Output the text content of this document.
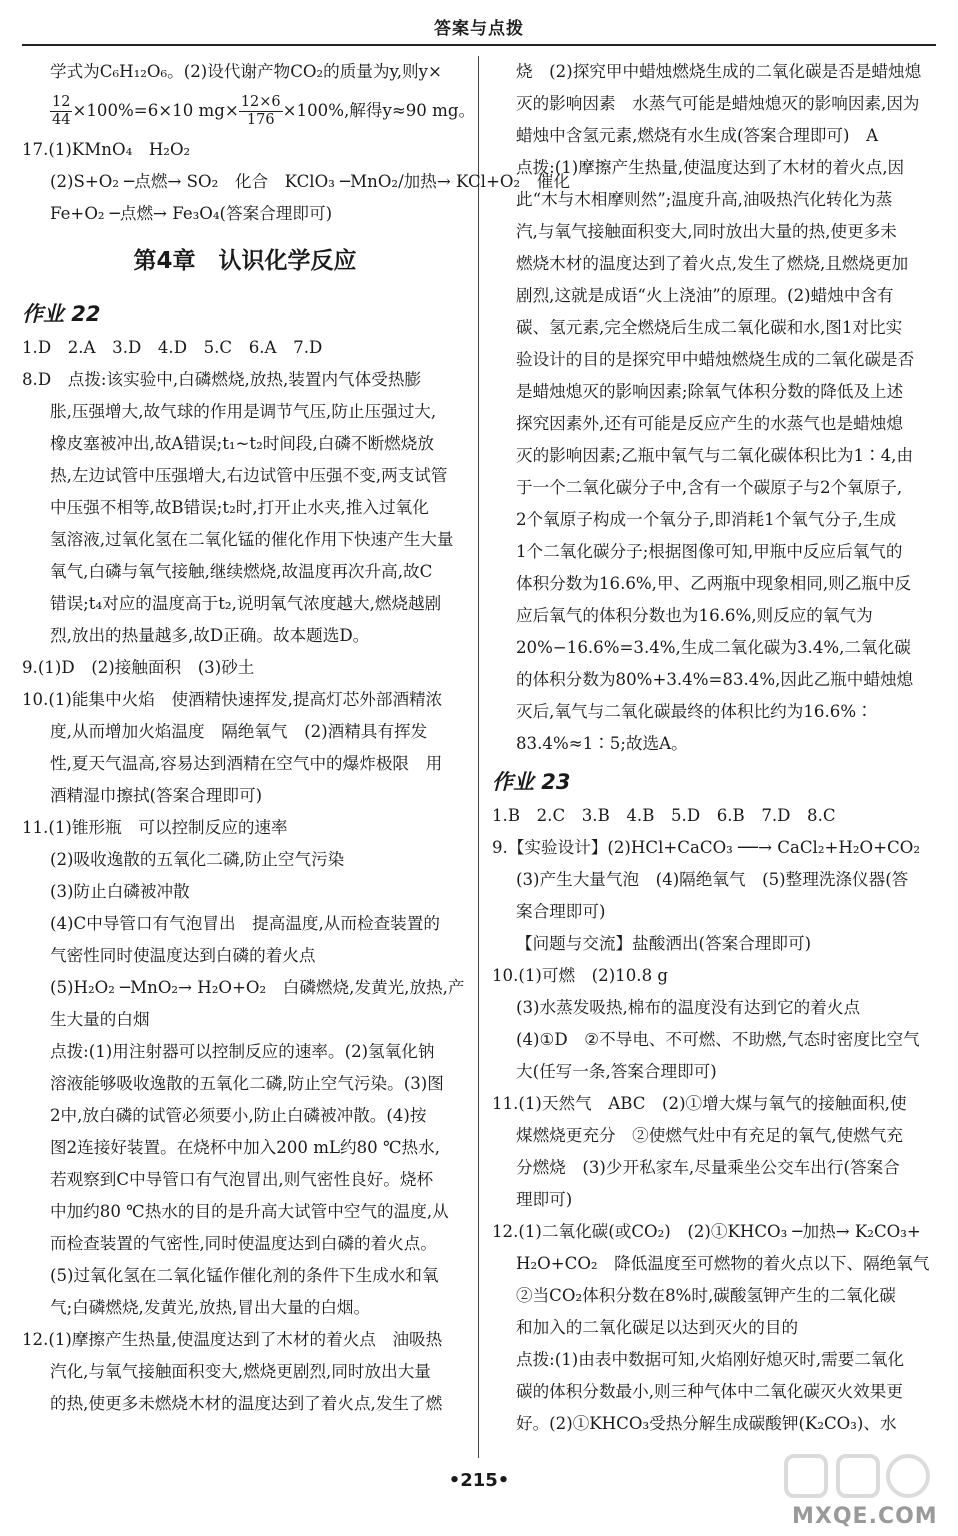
答案与点拨
学式为C₆H₁₂O₆。(2)设代谢产物CO₂的质量为y,则y×
$\frac{12}{44} \times 100\%=6\times 10$ $mg\times \frac{12\times 6}{176} \times 100\%$,解得y≈90 mg。
17.(1)KMnO₄　H₂O₂
(2)S+O₂ ─点燃→ SO₂　化合　KClO₃ ─MnO₂/加热→ KCl+O₂　催化
Fe+O₂ ─点燃→ Fe₃O₄(答案合理即可)
第4章　认识化学反应
作业 22
1.D　2.A　3.D　4.D　5.C　6.A　7.D
8.D　点拨:该实验中,白磷燃烧,放热,装置内气体受热膨
胀,压强增大,故气球的作用是调节气压,防止压强过大,
橡皮塞被冲出,故A错误;t₁~t₂时间段,白磷不断燃烧放
热,左边试管中压强增大,右边试管中压强不变,两支试管
中压强不相等,故B错误;t₂时,打开止水夹,推入过氧化
氢溶液,过氧化氢在二氧化锰的催化作用下快速产生大量
氧气,白磷与氧气接触,继续燃烧,故温度再次升高,故C
错误;t₄对应的温度高于t₂,说明氧气浓度越大,燃烧越剧
烈,放出的热量越多,故D正确。故本题选D。
9.(1)D　(2)接触面积　(3)砂土
10.(1)能集中火焰　使酒精快速挥发,提高灯芯外部酒精浓
度,从而增加火焰温度　隔绝氧气　(2)酒精具有挥发
性,夏天气温高,容易达到酒精在空气中的爆炸极限　用
酒精湿巾擦拭(答案合理即可)
11.(1)锥形瓶　可以控制反应的速率
(2)吸收逸散的五氧化二磷,防止空气污染
(3)防止白磷被冲散
(4)C中导管口有气泡冒出　提高温度,从而检查装置的
气密性同时使温度达到白磷的着火点
(5)H₂O₂ ─MnO₂→ H₂O+O₂　白磷燃烧,发黄光,放热,产
生大量的白烟
点拨:(1)用注射器可以控制反应的速率。(2)氢氧化钠
溶液能够吸收逸散的五氧化二磷,防止空气污染。(3)图
2中,放白磷的试管必须要小,防止白磷被冲散。(4)按
图2连接好装置。在烧杯中加入200 mL约80 ℃热水,
若观察到C中导管口有气泡冒出,则气密性良好。烧杯
中加约80 ℃热水的目的是升高大试管中空气的温度,从
而检查装置的气密性,同时使温度达到白磷的着火点。
(5)过氧化氢在二氧化锰作催化剂的条件下生成水和氧
气;白磷燃烧,发黄光,放热,冒出大量的白烟。
12.(1)摩擦产生热量,使温度达到了木材的着火点　油吸热
汽化,与氧气接触面积变大,燃烧更剧烈,同时放出大量
的热,使更多未燃烧木材的温度达到了着火点,发生了燃
烧　(2)探究甲中蜡烛燃烧生成的二氧化碳是否是蜡烛熄
灭的影响因素　水蒸气可能是蜡烛熄灭的影响因素,因为
蜡烛中含氢元素,燃烧有水生成(答案合理即可)　A
点拨:(1)摩擦产生热量,使温度达到了木材的着火点,因
此“木与木相摩则然”;温度升高,油吸热汽化转化为蒸
汽,与氧气接触面积变大,同时放出大量的热,使更多未
燃烧木材的温度达到了着火点,发生了燃烧,且燃烧更加
剧烈,这就是成语“火上浇油”的原理。(2)蜡烛中含有
碳、氢元素,完全燃烧后生成二氧化碳和水,图1对比实
验设计的目的是探究甲中蜡烛燃烧生成的二氧化碳是否
是蜡烛熄灭的影响因素;除氧气体积分数的降低及上述
探究因素外,还有可能是反应产生的水蒸气也是蜡烛熄
灭的影响因素;乙瓶中氧气与二氧化碳体积比为1∶4,由
于一个二氧化碳分子中,含有一个碳原子与2个氧原子,
2个氧原子构成一个氧分子,即消耗1个氧气分子,生成
1个二氧化碳分子;根据图像可知,甲瓶中反应后氧气的
体积分数为16.6%,甲、乙两瓶中现象相同,则乙瓶中反
应后氧气的体积分数也为16.6%,则反应的氧气为
20%−16.6%=3.4%,生成二氧化碳为3.4%,二氧化碳
的体积分数为80%+3.4%=83.4%,因此乙瓶中蜡烛熄
灭后,氧气与二氧化碳最终的体积比约为16.6%∶
83.4%≈1∶5;故选A。
作业 23
1.B　2.C　3.B　4.B　5.D　6.B　7.D　8.C
9.【实验设计】(2)HCl+CaCO₃ ──→ CaCl₂+H₂O+CO₂
(3)产生大量气泡　(4)隔绝氧气　(5)整理洗涤仪器(答
案合理即可)
【问题与交流】盐酸洒出(答案合理即可)
10.(1)可燃　(2)10.8 g
(3)水蒸发吸热,棉布的温度没有达到它的着火点
(4)①D　②不导电、不可燃、不助燃,气态时密度比空气
大(任写一条,答案合理即可)
11.(1)天然气　ABC　(2)①增大煤与氧气的接触面积,使
煤燃烧更充分　②使燃气灶中有充足的氧气,使燃气充
分燃烧　(3)少开私家车,尽量乘坐公交车出行(答案合
理即可)
12.(1)二氧化碳(或CO₂)　(2)①KHCO₃ ─加热→ K₂CO₃+
H₂O+CO₂　降低温度至可燃物的着火点以下、隔绝氧气
②当CO₂体积分数在8%时,碳酸氢钾产生的二氧化碳
和加入的二氧化碳足以达到灭火的目的
点拨:(1)由表中数据可知,火焰刚好熄灭时,需要二氧化
碳的体积分数最小,则三种气体中二氧化碳灭火效果更
好。(2)①KHCO₃受热分解生成碳酸钾(K₂CO₃)、水
•215•
MXQE.COM
